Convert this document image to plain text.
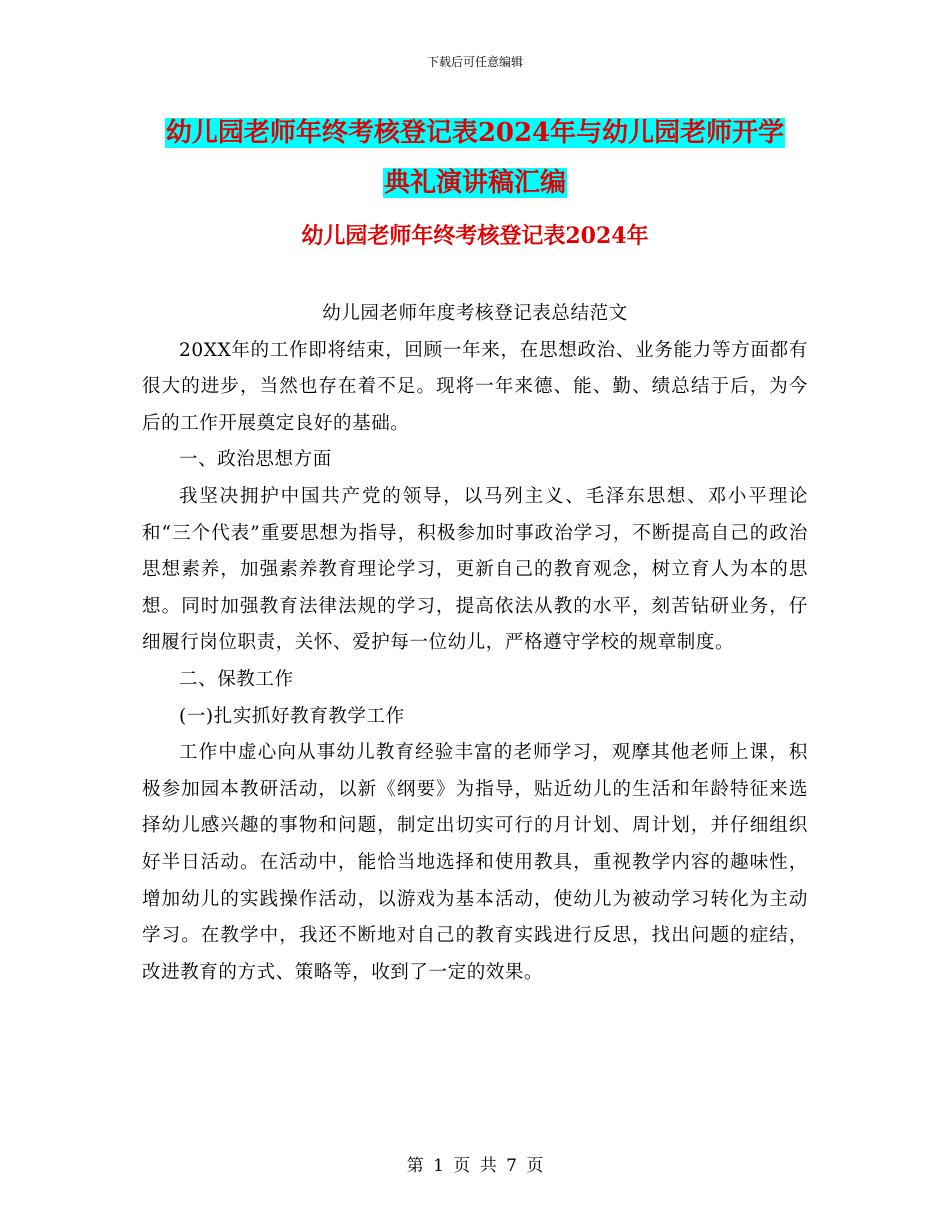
下载后可任意编辑
幼儿园老师年终考核登记表2024年与幼儿园老师开学
典礼演讲稿汇编
幼儿园老师年终考核登记表2024年

幼儿园老师年度考核登记表总结范文

20XX年的工作即将结束，回顾一年来，在思想政治、业务能力等方面都有很大的进步，当然也存在着不足。现将一年来德、能、勤、绩总结于后，为今后的工作开展奠定良好的基础。

一、政治思想方面

我坚决拥护中国共产党的领导，以马列主义、毛泽东思想、邓小平理论和“三个代表”重要思想为指导，积极参加时事政治学习，不断提高自己的政治思想素养，加强素养教育理论学习，更新自己的教育观念，树立育人为本的思想。同时加强教育法律法规的学习，提高依法从教的水平，刻苦钻研业务，仔细履行岗位职责，关怀、爱护每一位幼儿，严格遵守学校的规章制度。

二、保教工作

(一)扎实抓好教育教学工作

工作中虚心向从事幼儿教育经验丰富的老师学习，观摩其他老师上课，积极参加园本教研活动，以新《纲要》为指导，贴近幼儿的生活和年龄特征来选择幼儿感兴趣的事物和问题，制定出切实可行的月计划、周计划，并仔细组织好半日活动。在活动中，能恰当地选择和使用教具，重视教学内容的趣味性，增加幼儿的实践操作活动，以游戏为基本活动，使幼儿为被动学习转化为主动学习。在教学中，我还不断地对自己的教育实践进行反思，找出问题的症结，改进教育的方式、策略等，收到了一定的效果。

第 1 页 共 7 页
